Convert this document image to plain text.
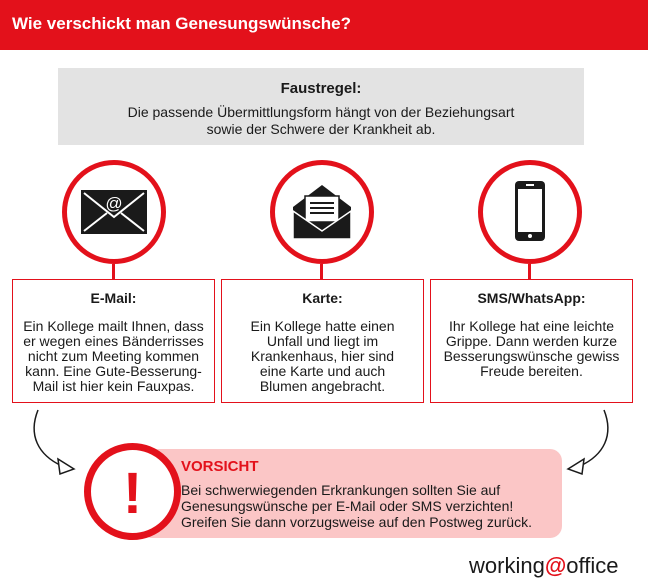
Wie verschickt man Genesungswünsche?
Faustregel:
Die passende Übermittlungsform hängt von der Beziehungsart sowie der Schwere der Krankheit ab.
@
E-Mail:
Ein Kollege mailt Ihnen, dass er wegen eines Bänderrisses nicht zum Meeting kommen kann. Eine Gute-Besserung-Mail ist hier kein Fauxpas.
Karte:
Ein Kollege hatte einen Unfall und liegt im Krankenhaus, hier sind eine Karte und auch Blumen angebracht.
SMS/WhatsApp:
Ihr Kollege hat eine leichte Grippe. Dann werden kurze Besserungswünsche gewiss Freude bereiten.
VORSICHT
Bei schwerwiegenden Erkrankungen sollten Sie auf Genesungswünsche per E-Mail oder SMS verzichten! Greifen Sie dann vorzugsweise auf den Postweg zurück.
!
working@office
